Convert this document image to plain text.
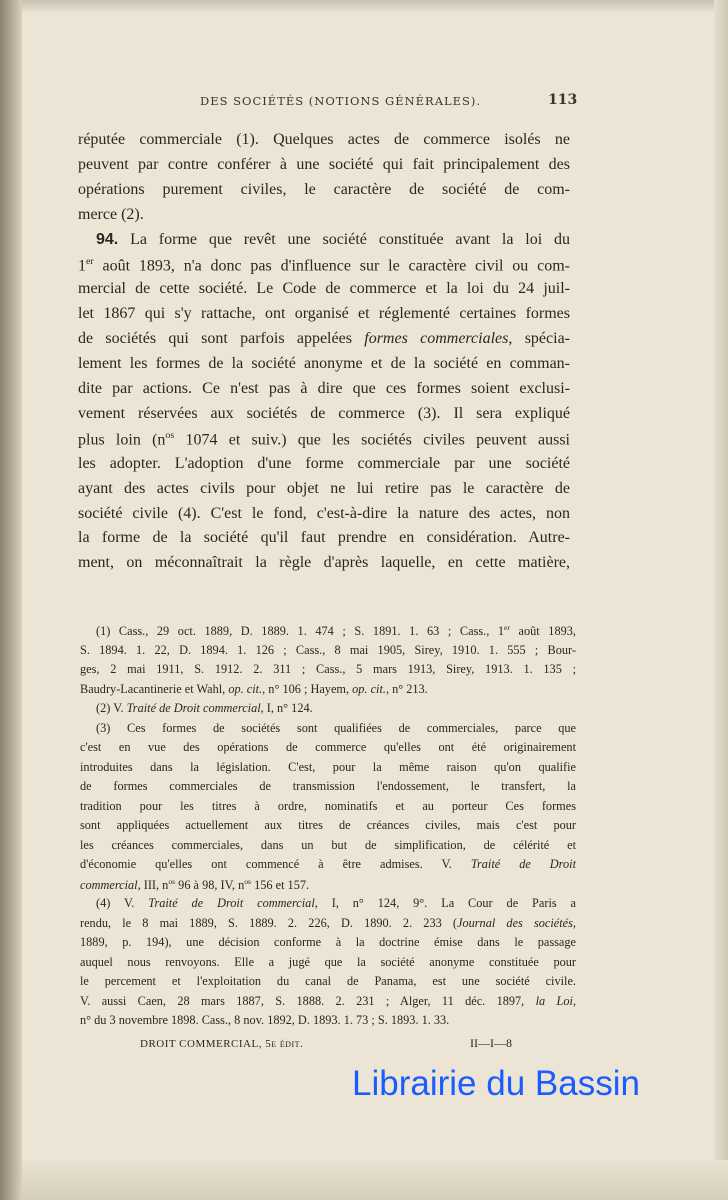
DES SOCIÉTÉS (NOTIONS GÉNÉRALES).	113
réputée commerciale (1). Quelques actes de commerce isolés ne
peuvent par contre conférer à une société qui fait principalement des
opérations purement civiles, le caractère de société de com-
merce (2).
94. La forme que revêt une société constituée avant la loi du
1er août 1893, n'a donc pas d'influence sur le caractère civil ou com-
mercial de cette société. Le Code de commerce et la loi du 24 juil-
let 1867 qui s'y rattache, ont organisé et réglementé certaines formes
de sociétés qui sont parfois appelées formes commerciales, spécia-
lement les formes de la société anonyme et de la société en comman-
dite par actions. Ce n'est pas à dire que ces formes soient exclusi-
vement réservées aux sociétés de commerce (3). Il sera expliqué
plus loin ($n^{os}$ 1074 et suiv.) que les sociétés civiles peuvent aussi
les adopter. L'adoption d'une forme commerciale par une société
ayant des actes civils pour objet ne lui retire pas le caractère de
société civile (4). C'est le fond, c'est-à-dire la nature des actes, non
la forme de la société qu'il faut prendre en considération. Autre-
ment, on méconnaîtrait la règle d'après laquelle, en cette matière,
(1) Cass., 29 oct. 1889, D. 1889. 1. 474 ; S. 1891. 1. 63 ; Cass., 1er août 1893,
S. 1894. 1. 22, D. 1894. 1. 126 ; Cass., 8 mai 1905, Sirey, 1910. 1. 555 ; Bour-
ges, 2 mai 1911, S. 1912. 2. 311 ; Cass., 5 mars 1913, Sirey, 1913. 1. 135 ;
Baudry-Lacantinerie et Wahl, op. cit., n° 106 ; Hayem, op. cit., n° 213.
(2) V. Traité de Droit commercial, I, n° 124.
(3) Ces formes de sociétés sont qualifiées de commerciales, parce que
c'est en vue des opérations de commerce qu'elles ont été originairement
introduites dans la législation. C'est, pour la même raison qu'on qualifie
de formes commerciales de transmission l'endossement, le transfert, la
tradition pour les titres à ordre, nominatifs et au porteur Ces formes
sont appliquées actuellement aux titres de créances civiles, mais c'est pour
les créances commerciales, dans un but de simplification, de célérité et
d'économie qu'elles ont commencé à être admises. V. Traité de Droit
commercial, III, $n^{os}$ 96 à 98, IV, $n^{os}$ 156 et 157.
(4) V. Traité de Droit commercial, I, n° 124, 9°. La Cour de Paris a
rendu, le 8 mai 1889, S. 1889. 2. 226, D. 1890. 2. 233 (Journal des sociétés,
1889, p. 194), une décision conforme à la doctrine émise dans le passage
auquel nous renvoyons. Elle a jugé que la société anonyme constituée pour
le percement et l'exploitation du canal de Panama, est une société civile.
V. aussi Caen, 28 mars 1887, S. 1888. 2. 231 ; Alger, 11 déc. 1897, la Loi,
n° du 3 novembre 1898. Cass., 8 nov. 1892, D. 1893. 1. 73 ; S. 1893. 1. 33.
DROIT COMMERCIAL, 5e édit.	II—I—8
Librairie du Bassin
